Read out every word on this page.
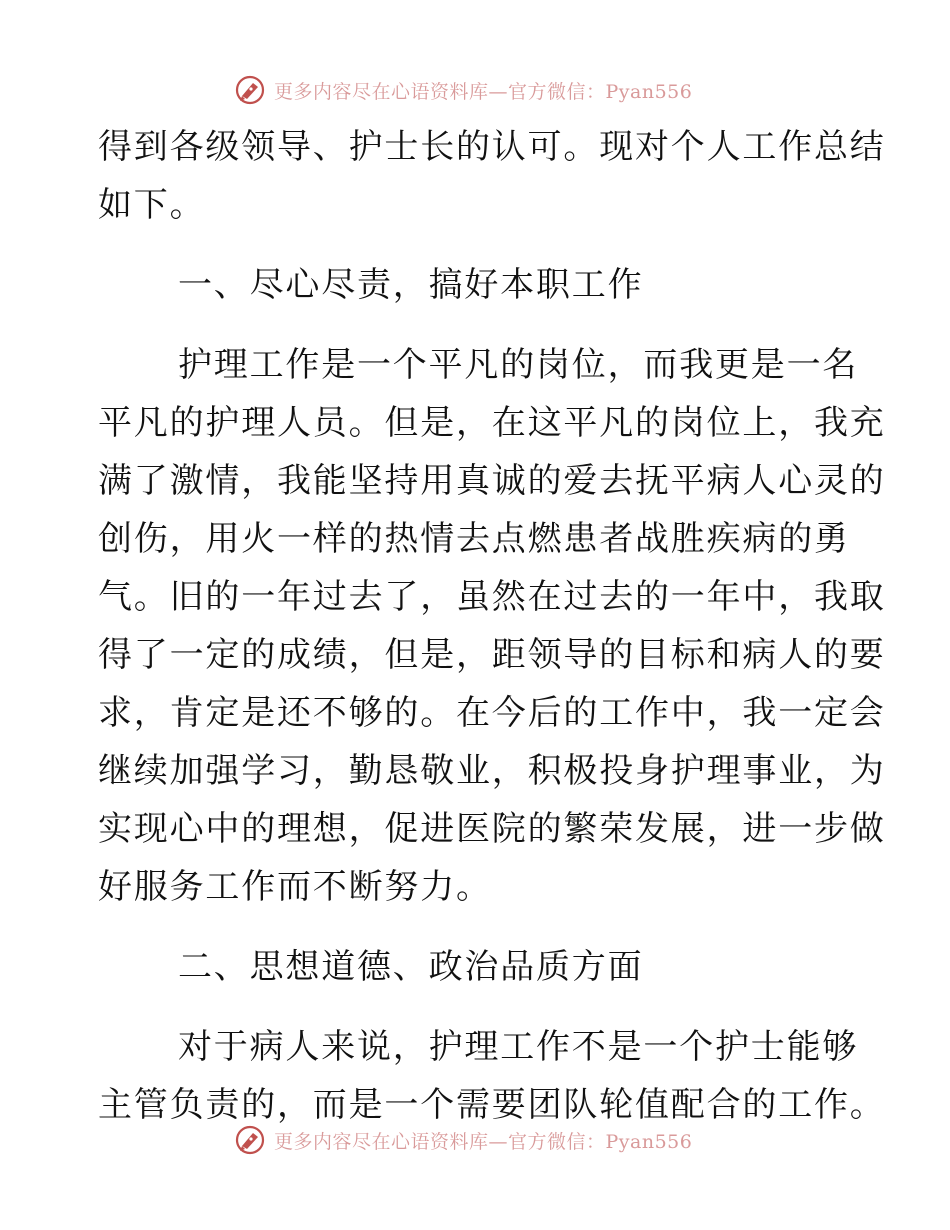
更多内容尽在心语资料库—官方微信：Pyan556
得到各级领导、护士长的认可。现对个人工作总结
如下。
一、尽心尽责，搞好本职工作
护理工作是一个平凡的岗位，而我更是一名
平凡的护理人员。但是，在这平凡的岗位上，我充
满了激情，我能坚持用真诚的爱去抚平病人心灵的
创伤，用火一样的热情去点燃患者战胜疾病的勇
气。旧的一年过去了，虽然在过去的一年中，我取
得了一定的成绩，但是，距领导的目标和病人的要
求，肯定是还不够的。在今后的工作中，我一定会
继续加强学习，勤恳敬业，积极投身护理事业，为
实现心中的理想，促进医院的繁荣发展，进一步做
好服务工作而不断努力。
二、思想道德、政治品质方面
对于病人来说，护理工作不是一个护士能够
主管负责的，而是一个需要团队轮值配合的工作。
更多内容尽在心语资料库—官方微信：Pyan556
